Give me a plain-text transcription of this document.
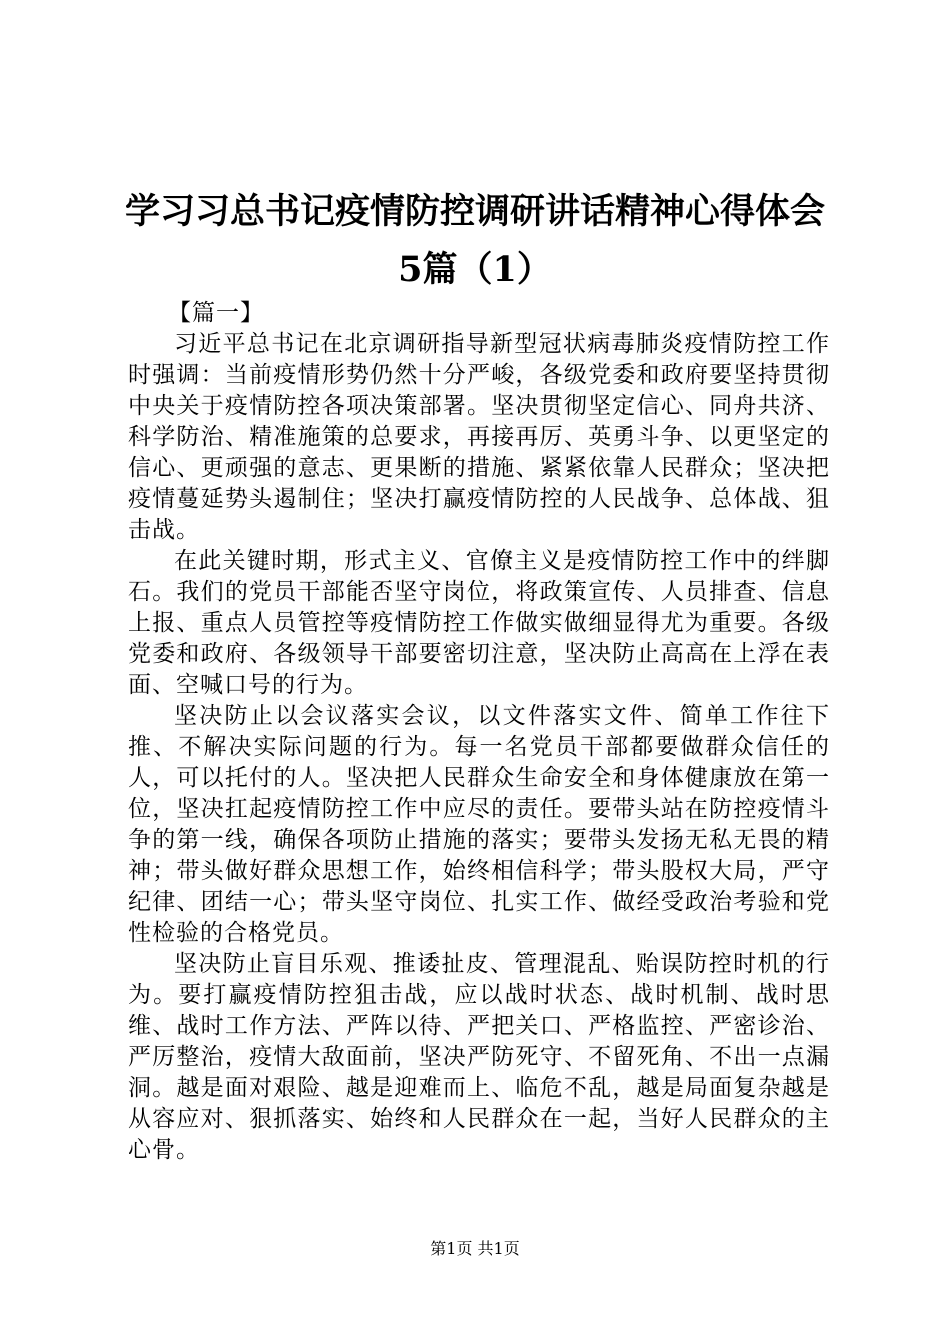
学习习总书记疫情防控调研讲话精神心得体会
5篇（1）

【篇一】

习近平总书记在北京调研指导新型冠状病毒肺炎疫情防控工作时强调：当前疫情形势仍然十分严峻，各级党委和政府要坚持贯彻中央关于疫情防控各项决策部署。坚决贯彻坚定信心、同舟共济、科学防治、精准施策的总要求，再接再厉、英勇斗争、以更坚定的信心、更顽强的意志、更果断的措施、紧紧依靠人民群众；坚决把疫情蔓延势头遏制住；坚决打赢疫情防控的人民战争、总体战、狙击战。

在此关键时期，形式主义、官僚主义是疫情防控工作中的绊脚石。我们的党员干部能否坚守岗位，将政策宣传、人员排查、信息上报、重点人员管控等疫情防控工作做实做细显得尤为重要。各级党委和政府、各级领导干部要密切注意，坚决防止高高在上浮在表面、空喊口号的行为。

坚决防止以会议落实会议，以文件落实文件、简单工作往下推、不解决实际问题的行为。每一名党员干部都要做群众信任的人，可以托付的人。坚决把人民群众生命安全和身体健康放在第一位，坚决扛起疫情防控工作中应尽的责任。要带头站在防控疫情斗争的第一线，确保各项防止措施的落实；要带头发扬无私无畏的精神；带头做好群众思想工作，始终相信科学；带头股权大局，严守纪律、团结一心；带头坚守岗位、扎实工作、做经受政治考验和党性检验的合格党员。

坚决防止盲目乐观、推诿扯皮、管理混乱、贻误防控时机的行为。要打赢疫情防控狙击战，应以战时状态、战时机制、战时思维、战时工作方法、严阵以待、严把关口、严格监控、严密诊治、严厉整治，疫情大敌面前，坚决严防死守、不留死角、不出一点漏洞。越是面对艰险、越是迎难而上、临危不乱，越是局面复杂越是从容应对、狠抓落实、始终和人民群众在一起，当好人民群众的主心骨。

第1页 共1页
